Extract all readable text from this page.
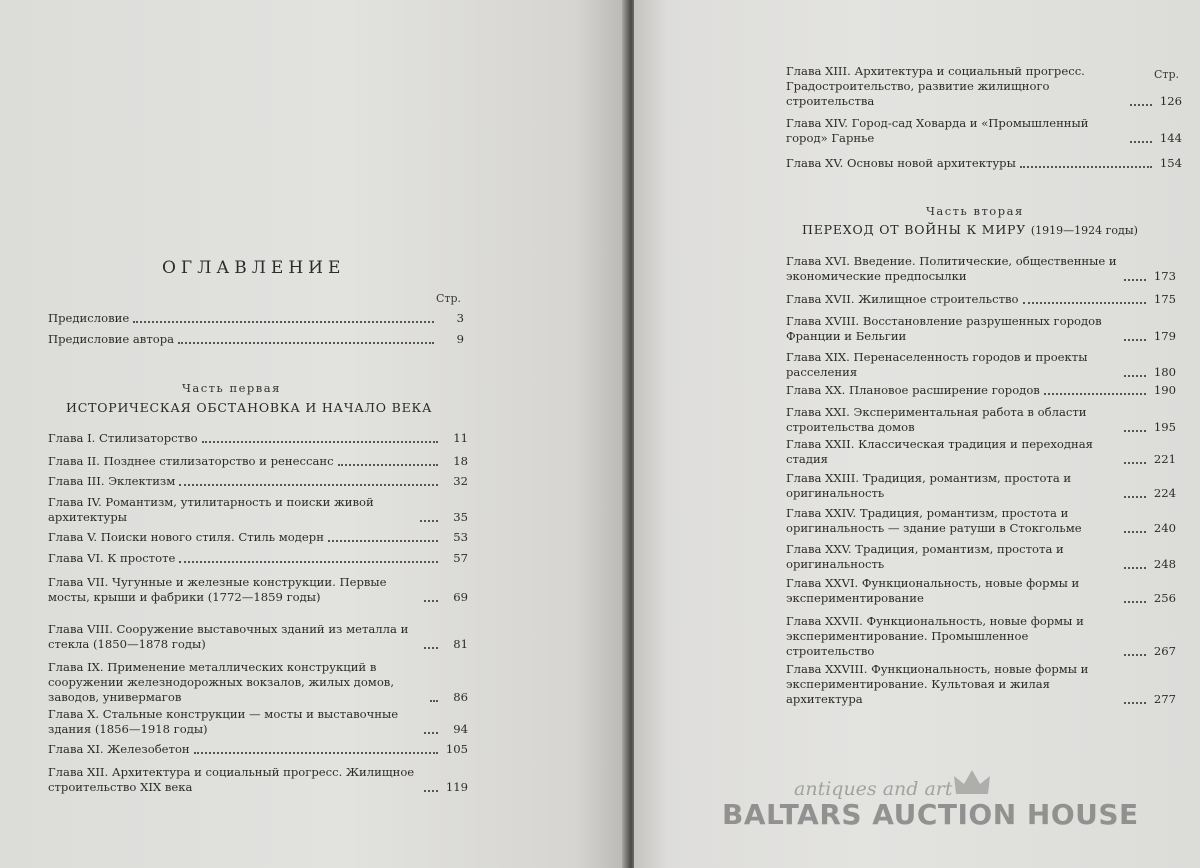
ОГЛАВЛЕНИЕ
Стр.
Предисловие	3
Предисловие автора	9
Часть первая
ИСТОРИЧЕСКАЯ ОБСТАНОВКА И НАЧАЛО ВЕКА
Глава I. Стилизаторство	11
Глава II. Позднее стилизаторство и ренессанс	18
Глава III. Эклектизм	32
Глава IV. Романтизм, утилитарность и поиски живой архитектуры	35
Глава V. Поиски нового стиля. Стиль модерн	53
Глава VI. К простоте	57
Глава VII. Чугунные и железные конструкции. Первые мосты, крыши и фабрики (1772—1859 годы)	69
Глава VIII. Сооружение выставочных зданий из металла и стекла (1850—1878 годы)	81
Глава IX. Применение металлических конструкций в сооружении железнодорожных вокзалов, жилых домов, заводов, универмагов	86
Глава X. Стальные конструкции — мосты и выставочные здания (1856—1918 годы)	94
Глава XI. Железобетон	105
Глава XII. Архитектура и социальный прогресс. Жилищное строительство XIX века	119
Стр.
Глава XIII. Архитектура и социальный прогресс. Градостроительство, развитие жилищного строительства	126
Глава XIV. Город-сад Ховарда и «Промышленный город» Гарнье	144
Глава XV. Основы новой архитектуры	154
Часть вторая
ПЕРЕХОД ОТ ВОЙНЫ К МИРУ (1919—1924 годы)
Глава XVI. Введение. Политические, общественные и экономические предпосылки	173
Глава XVII. Жилищное строительство	175
Глава XVIII. Восстановление разрушенных городов Франции и Бельгии	179
Глава XIX. Перенаселенность городов и проекты расселения	180
Глава XX. Плановое расширение городов	190
Глава XXI. Экспериментальная работа в области строительства домов	195
Глава XXII. Классическая традиция и переходная стадия	221
Глава XXIII. Традиция, романтизм, простота и оригинальность	224
Глава XXIV. Традиция, романтизм, простота и оригинальность — здание ратуши в Стокгольме	240
Глава XXV. Традиция, романтизм, простота и оригинальность	248
Глава XXVI. Функциональность, новые формы и экспериментирование	256
Глава XXVII. Функциональность, новые формы и экспериментирование. Промышленное строительство	267
Глава XXVIII. Функциональность, новые формы и экспериментирование. Культовая и жилая архитектура	277
antiques and art
BALTARS AUCTION HOUSE
